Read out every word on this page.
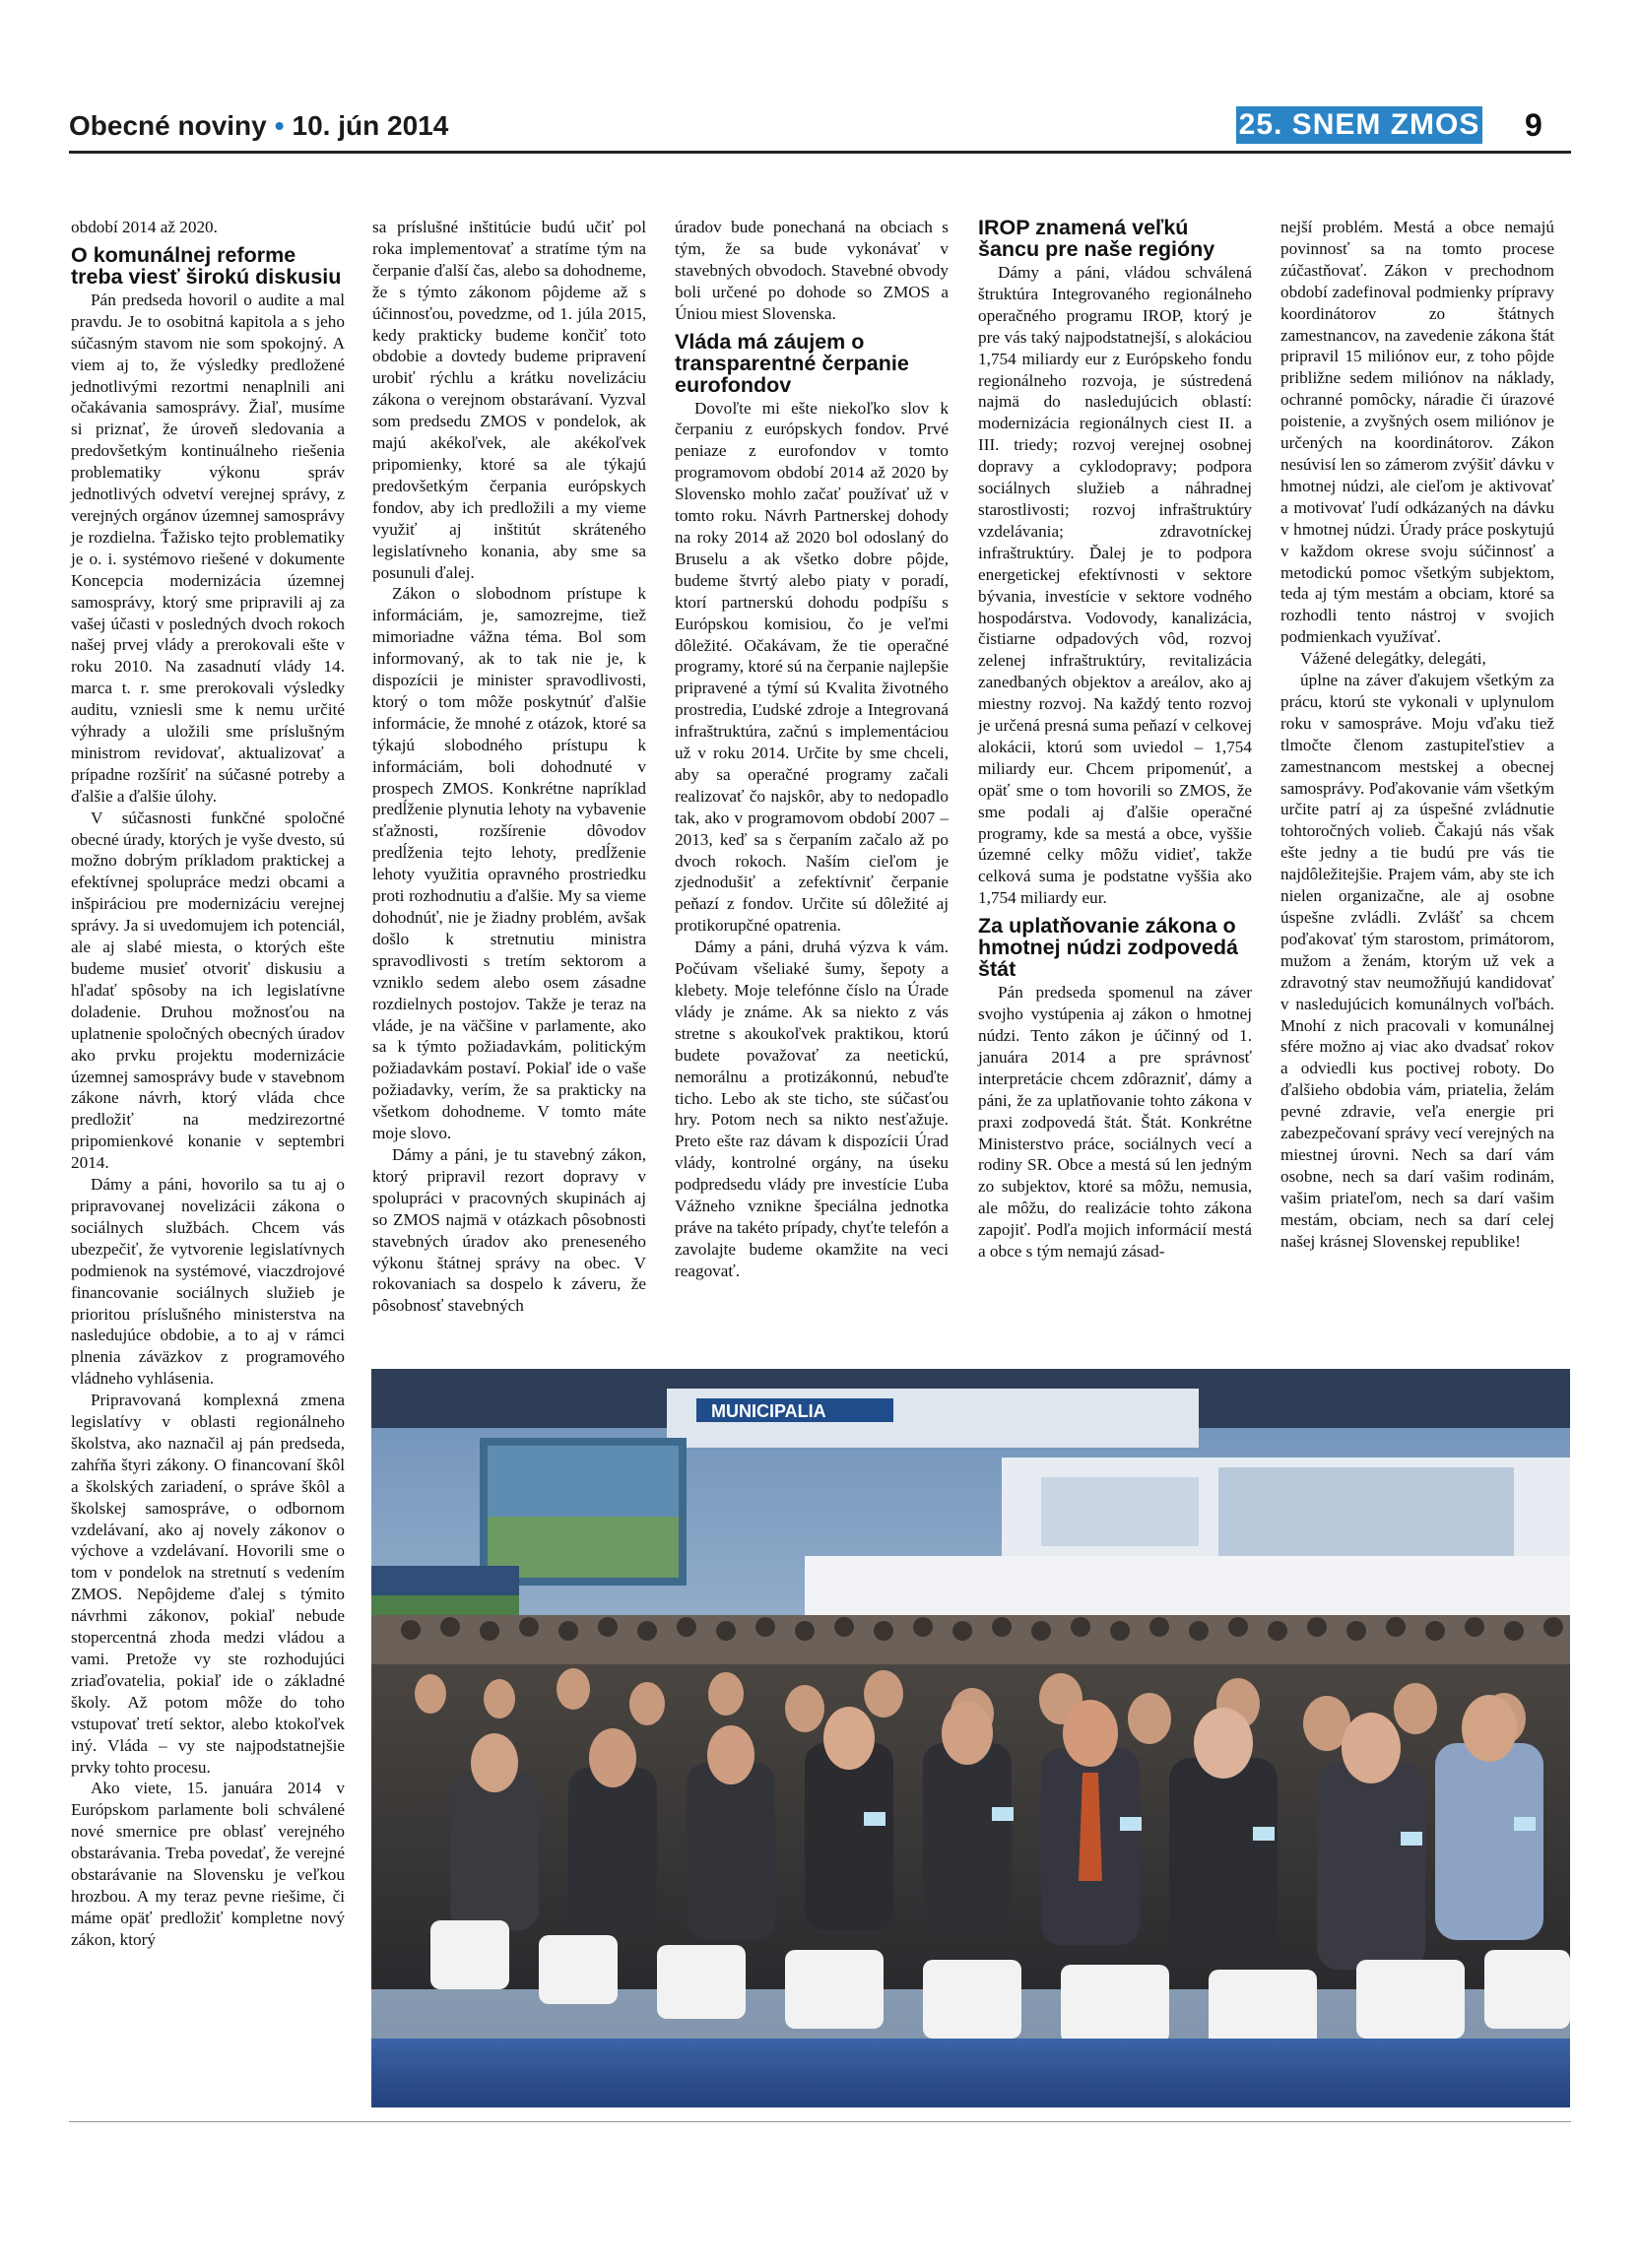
Obecné noviny • 10. jún 2014	25. SNEM ZMOS 9

období 2014 až 2020.

O komunálnej reforme treba viesť širokú diskusiu

Pán predseda hovoril o audite a mal pravdu. Je to osobitná kapitola a s jeho súčasným stavom nie som spokojný. A viem aj to, že výsledky predložené jednotlivými rezortmi nenaplnili ani očakávania samosprávy. Žiaľ, musíme si priznať, že úroveň sledovania a predovšetkým kontinuálneho riešenia problematiky výkonu správ jednotlivých odvetví verejnej správy, z verejných orgánov územnej samosprávy je rozdielna. Ťažisko tejto problematiky je o. i. systémovo riešené v dokumente Koncepcia modernizácia územnej samosprávy, ktorý sme pripravili aj za vašej účasti v posledných dvoch rokoch našej prvej vlády a prerokovali ešte v roku 2010. Na zasadnutí vlády 14. marca t. r. sme prerokovali výsledky auditu, vzniesli sme k nemu určité výhrady a uložili sme príslušným ministrom revidovať, aktualizovať a prípadne rozšíriť na súčasné potreby a ďalšie a ďalšie úlohy.

V súčasnosti funkčné spoločné obecné úrady, ktorých je vyše dvesto, sú možno dobrým príkladom praktickej a efektívnej spolupráce medzi obcami a inšpiráciou pre modernizáciu verejnej správy. Ja si uvedomujem ich potenciál, ale aj slabé miesta, o ktorých ešte budeme musieť otvoriť diskusiu a hľadať spôsoby na ich legislatívne doladenie. Druhou možnosťou na uplatnenie spoločných obecných úradov ako prvku projektu modernizácie územnej samosprávy bude v stavebnom zákone návrh, ktorý vláda chce predložiť na medzirezortné pripomienkové konanie v septembri 2014.

Dámy a páni, hovorilo sa tu aj o pripravovanej novelizácii zákona o sociálnych službách. Chcem vás ubezpečiť, že vytvorenie legislatívnych podmienok na systémové, viaczdrojové financovanie sociálnych služieb je prioritou príslušného ministerstva na nasledujúce obdobie, a to aj v rámci plnenia záväzkov z programového vládneho vyhlásenia.

Pripravovaná komplexná zmena legislatívy v oblasti regionálneho školstva, ako naznačil aj pán predseda, zahŕňa štyri zákony. O financovaní škôl a školských zariadení, o správe škôl a školskej samospráve, o odbornom vzdelávaní, ako aj novely zákonov o výchove a vzdelávaní. Hovorili sme o tom v pondelok na stretnutí s vedením ZMOS. Nepôjdeme ďalej s týmito návrhmi zákonov, pokiaľ nebude stopercentná zhoda medzi vládou a vami. Pretože vy ste rozhodujúci zriaďovatelia, pokiaľ ide o základné školy. Až potom môže do toho vstupovať tretí sektor, alebo ktokoľvek iný. Vláda – vy ste najpodstatnejšie prvky tohto procesu.

Ako viete, 15. januára 2014 v Európskom parlamente boli schválené nové smernice pre oblasť verejného obstarávania. Treba povedať, že verejné obstarávanie na Slovensku je veľkou hrozbou. A my teraz pevne riešime, či máme opäť predložiť kompletne nový zákon, ktorý

sa príslušné inštitúcie budú učiť pol roka implementovať a stratíme tým na čerpanie ďalší čas, alebo sa dohodneme, že s týmto zákonom pôjdeme až s účinnosťou, povedzme, od 1. júla 2015, kedy prakticky budeme končiť toto obdobie a dovtedy budeme pripravení urobiť rýchlu a krátku novelizáciu zákona o verejnom obstarávaní. Vyzval som predsedu ZMOS v pondelok, ak majú akékoľvek, ale akékoľvek pripomienky, ktoré sa ale týkajú predovšetkým čerpania európskych fondov, aby ich predložili a my vieme využiť aj inštitút skráteného legislatívneho konania, aby sme sa posunuli ďalej.

Zákon o slobodnom prístupe k informáciám, je, samozrejme, tiež mimoriadne vážna téma. Bol som informovaný, ak to tak nie je, k dispozícii je minister spravodlivosti, ktorý o tom môže poskytnúť ďalšie informácie, že mnohé z otázok, ktoré sa týkajú slobodného prístupu k informáciám, boli dohodnuté v prospech ZMOS. Konkrétne napríklad predĺženie plynutia lehoty na vybavenie sťažnosti, rozšírenie dôvodov predĺženia tejto lehoty, predĺženie lehoty využitia opravného prostriedku proti rozhodnutiu a ďalšie. My sa vieme dohodnúť, nie je žiadny problém, avšak došlo k stretnutiu ministra spravodlivosti s tretím sektorom a vzniklo sedem alebo osem zásadne rozdielnych postojov. Takže je teraz na vláde, je na väčšine v parlamente, ako sa k týmto požiadavkám, politickým požiadavkám postaví. Pokiaľ ide o vaše požiadavky, verím, že sa prakticky na všetkom dohodneme. V tomto máte moje slovo.

Dámy a páni, je tu stavebný zákon, ktorý pripravil rezort dopravy v spolupráci v pracovných skupinách aj so ZMOS najmä v otázkach pôsobnosti stavebných úradov ako preneseného výkonu štátnej správy na obec. V rokovaniach sa dospelo k záveru, že pôsobnosť stavebných

úradov bude ponechaná na obciach s tým, že sa bude vykonávať v stavebných obvodoch. Stavebné obvody boli určené po dohode so ZMOS a Úniou miest Slovenska.

Vláda má záujem o transparentné čerpanie eurofondov

Dovoľte mi ešte niekoľko slov k čerpaniu z európskych fondov. Prvé peniaze z eurofondov v tomto programovom období 2014 až 2020 by Slovensko mohlo začať používať už v tomto roku. Návrh Partnerskej dohody na roky 2014 až 2020 bol odoslaný do Bruselu a ak všetko dobre pôjde, budeme štvrtý alebo piaty v poradí, ktorí partnerskú dohodu podpíšu s Európskou komisiou, čo je veľmi dôležité. Očakávam, že tie operačné programy, ktoré sú na čerpanie najlepšie pripravené a týmí sú Kvalita životného prostredia, Ľudské zdroje a Integrovaná infraštruktúra, začnú s implementáciou už v roku 2014. Určite by sme chceli, aby sa operačné programy začali realizovať čo najskôr, aby to nedopadlo tak, ako v programovom období 2007 – 2013, keď sa s čerpaním začalo až po dvoch rokoch. Naším cieľom je zjednodušiť a zefektívniť čerpanie peňazí z fondov. Určite sú dôležité aj protikorupčné opatrenia.

Dámy a páni, druhá výzva k vám. Počúvam všeliaké šumy, šepoty a klebety. Moje telefónne číslo na Úrade vlády je známe. Ak sa niekto z vás stretne s akoukoľvek praktikou, ktorú budete považovať za neetickú, nemorálnu a protizákonnú, nebuďte ticho. Lebo ak ste ticho, ste súčasťou hry. Potom nech sa nikto nesťažuje. Preto ešte raz dávam k dispozícii Úrad vlády, kontrolné orgány, na úseku podpredsedu vlády pre investície Ľuba Vážneho vznikne špeciálna jednotka práve na takéto prípady, chyťte telefón a zavolajte budeme okamžite na veci reagovať.

IROP znamená veľkú šancu pre naše regióny

Dámy a páni, vládou schválená štruktúra Integrovaného regionálneho operačného programu IROP, ktorý je pre vás taký najpodstatnejší, s alokáciou 1,754 miliardy eur z Európskeho fondu regionálneho rozvoja, je sústredená najmä do nasledujúcich oblastí: modernizácia regionálnych ciest II. a III. triedy; rozvoj verejnej osobnej dopravy a cyklodopravy; podpora sociálnych služieb a náhradnej starostlivosti; rozvoj infraštruktúry vzdelávania; zdravotníckej infraštruktúry. Ďalej je to podpora energetickej efektívnosti v sektore bývania, investície v sektore vodného hospodárstva. Vodovody, kanalizácia, čistiarne odpadových vôd, rozvoj zelenej infraštruktúry, revitalizácia zanedbaných objektov a areálov, ako aj miestny rozvoj. Na každý tento rozvoj je určená presná suma peňazí v celkovej alokácii, ktorú som uviedol – 1,754 miliardy eur. Chcem pripomenúť, a opäť sme o tom hovorili so ZMOS, že sme podali aj ďalšie operačné programy, kde sa mestá a obce, vyššie územné celky môžu vidieť, takže celková suma je podstatne vyššia ako 1,754 miliardy eur.

Za uplatňovanie zákona o hmotnej núdzi zodpovedá štát

Pán predseda spomenul na záver svojho vystúpenia aj zákon o hmotnej núdzi. Tento zákon je účinný od 1. januára 2014 a pre správnosť interpretácie chcem zdôrazniť, dámy a páni, že za uplatňovanie tohto zákona v praxi zodpovedá štát. Štát. Konkrétne Ministerstvo práce, sociálnych vecí a rodiny SR. Obce a mestá sú len jedným zo subjektov, ktoré sa môžu, nemusia, ale môžu, do realizácie tohto zákona zapojiť. Podľa mojich informácií mestá a obce s tým nemajú zásad-

nejší problém. Mestá a obce nemajú povinnosť sa na tomto procese zúčastňovať. Zákon v prechodnom období zadefinoval podmienky prípravy koordinátorov zo štátnych zamestnancov, na zavedenie zákona štát pripravil 15 miliónov eur, z toho pôjde približne sedem miliónov na náklady, ochranné pomôcky, náradie či úrazové poistenie, a zvyšných osem miliónov je určených na koordinátorov. Zákon nesúvisí len so zámerom zvýšiť dávku v hmotnej núdzi, ale cieľom je aktivovať a motivovať ľudí odkázaných na dávku v hmotnej núdzi. Úrady práce poskytujú v každom okrese svoju súčinnosť a metodickú pomoc všetkým subjektom, teda aj tým mestám a obciam, ktoré sa rozhodli tento nástroj v svojich podmienkach využívať.

Vážené delegátky, delegáti,

úplne na záver ďakujem všetkým za prácu, ktorú ste vykonali v uplynulom roku v samospráve. Moju vďaku tiež tlmočte členom zastupiteľstiev a zamestnancom mestskej a obecnej samosprávy. Poďakovanie vám všetkým určite patrí aj za úspešné zvládnutie tohtoročných volieb. Čakajú nás však ešte jedny a tie budú pre vás tie najdôležitejšie. Prajem vám, aby ste ich nielen organizačne, ale aj osobne úspešne zvládli. Zvlášť sa chcem poďakovať tým starostom, primátorom, mužom a ženám, ktorým už vek a zdravotný stav neumožňujú kandidovať v nasledujúcich komunálnych voľbách. Mnohí z nich pracovali v komunálnej sfére možno aj viac ako dvadsať rokov a odviedli kus poctivej roboty. Do ďalšieho obdobia vám, priatelia, želám pevné zdravie, veľa energie pri zabezpečovaní správy vecí verejných na miestnej úrovni. Nech sa darí vám osobne, nech sa darí vašim rodinám, vašim priateľom, nech sa darí vašim mestám, obciam, nech sa darí celej našej krásnej Slovenskej republike!

MUNICIPALIA
